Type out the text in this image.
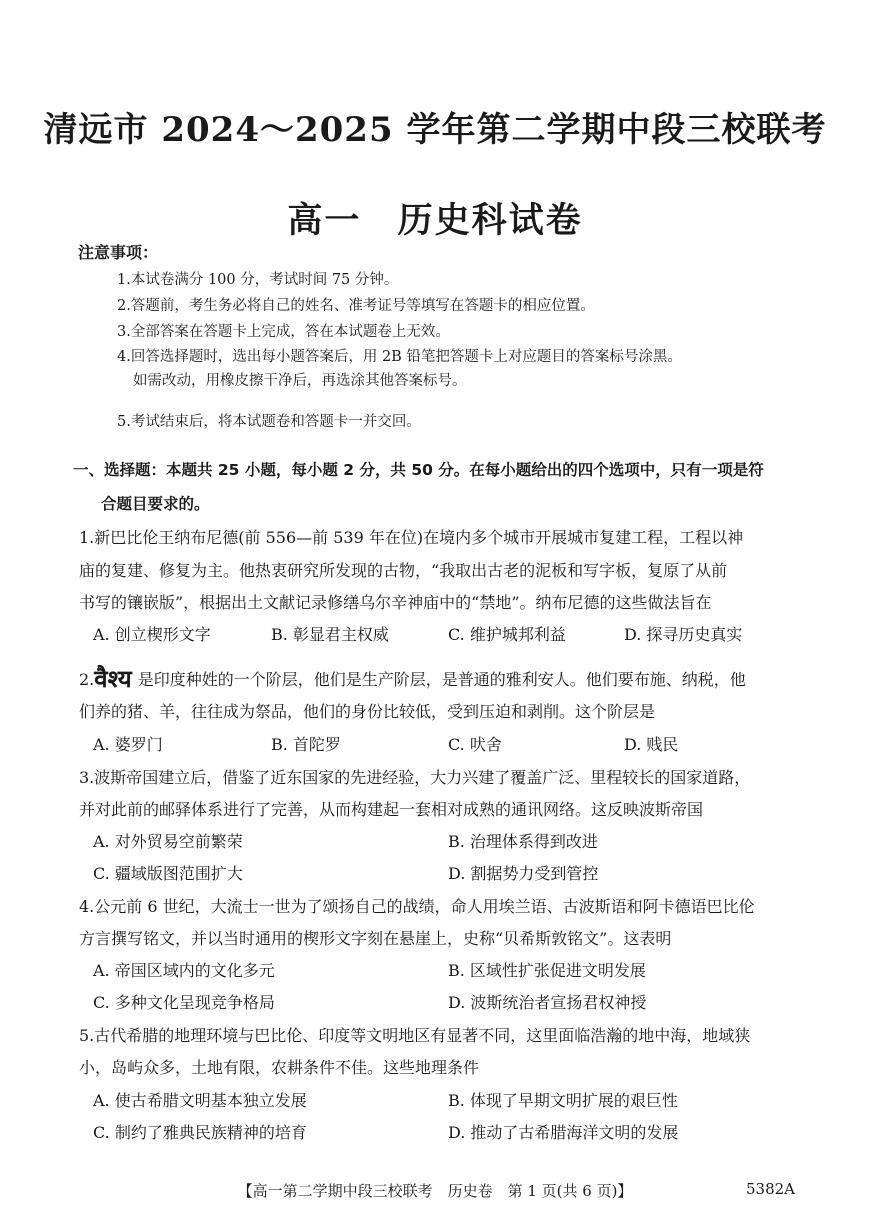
清远市 2024～2025 学年第二学期中段三校联考
高一 历史科试卷
注意事项：
1.本试卷满分 100 分，考试时间 75 分钟。
2.答题前，考生务必将自己的姓名、准考证号等填写在答题卡的相应位置。
3.全部答案在答题卡上完成，答在本试题卷上无效。
4.回答选择题时，选出每小题答案后，用 2B 铅笔把答题卡上对应题目的答案标号涂黑。
如需改动，用橡皮擦干净后，再选涂其他答案标号。
5.考试结束后，将本试题卷和答题卡一并交回。
一、选择题：本题共 25 小题，每小题 2 分，共 50 分。在每小题给出的四个选项中，只有一项是符
合题目要求的。
1.新巴比伦王纳布尼德(前 556—前 539 年在位)在境内多个城市开展城市复建工程，工程以神
庙的复建、修复为主。他热衷研究所发现的古物，“我取出古老的泥板和写字板，复原了从前
书写的镶嵌版”，根据出土文献记录修缮乌尔辛神庙中的“禁地”。纳布尼德的这些做法旨在
A. 创立楔形文字	B. 彰显君主权威	C. 维护城邦利益	D. 探寻历史真实
2.वैश्य 是印度种姓的一个阶层，他们是生产阶层，是普通的雅利安人。他们要布施、纳税，他
们养的猪、羊，往往成为祭品，他们的身份比较低，受到压迫和剥削。这个阶层是
A. 婆罗门	B. 首陀罗	C. 吠舍	D. 贱民
3.波斯帝国建立后，借鉴了近东国家的先进经验，大力兴建了覆盖广泛、里程较长的国家道路，
并对此前的邮驿体系进行了完善，从而构建起一套相对成熟的通讯网络。这反映波斯帝国
A. 对外贸易空前繁荣	B. 治理体系得到改进
C. 疆域版图范围扩大	D. 割据势力受到管控
4.公元前 6 世纪，大流士一世为了颂扬自己的战绩，命人用埃兰语、古波斯语和阿卡德语巴比伦
方言撰写铭文，并以当时通用的楔形文字刻在悬崖上，史称“贝希斯敦铭文”。这表明
A. 帝国区域内的文化多元	B. 区域性扩张促进文明发展
C. 多种文化呈现竞争格局	D. 波斯统治者宣扬君权神授
5.古代希腊的地理环境与巴比伦、印度等文明地区有显著不同，这里面临浩瀚的地中海，地域狭
小，岛屿众多，土地有限，农耕条件不佳。这些地理条件
A. 使古希腊文明基本独立发展	B. 体现了早期文明扩展的艰巨性
C. 制约了雅典民族精神的培育	D. 推动了古希腊海洋文明的发展
【高一第二学期中段三校联考　历史卷　第 1 页(共 6 页)】	5382A
